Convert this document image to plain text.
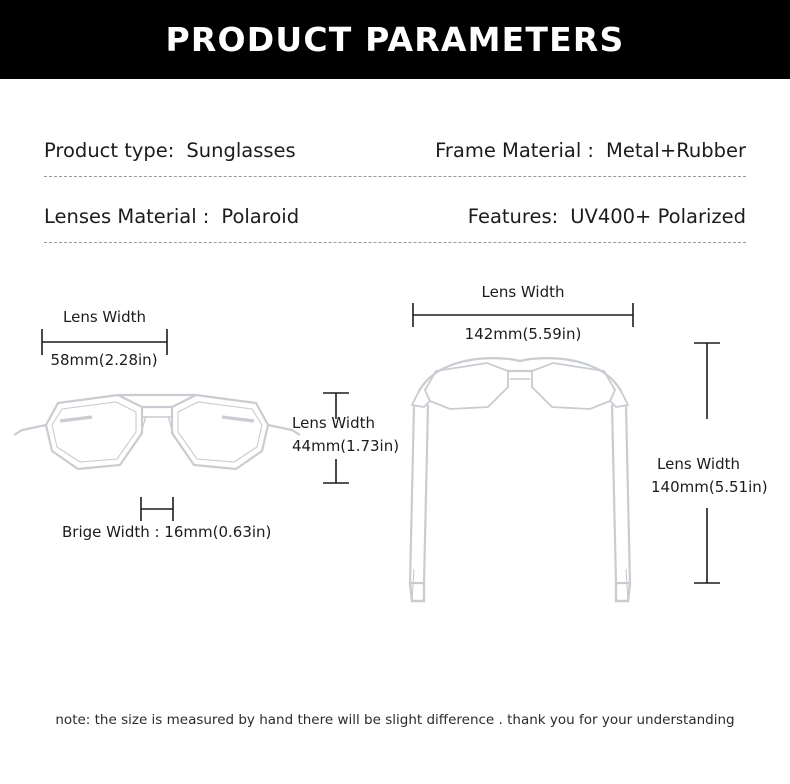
PRODUCT PARAMETERS
Product type: Sunglasses	Frame Material : Metal+Rubber
Lenses Material : Polaroid	Features: UV400+ Polarized
Lens Width
58mm(2.28in)
Lens Width
44mm(1.73in)
Brige Width : 16mm(0.63in)
Lens Width
142mm(5.59in)
Lens Width
140mm(5.51in)
note: the size is measured by hand there will be slight difference . thank you for your understanding
